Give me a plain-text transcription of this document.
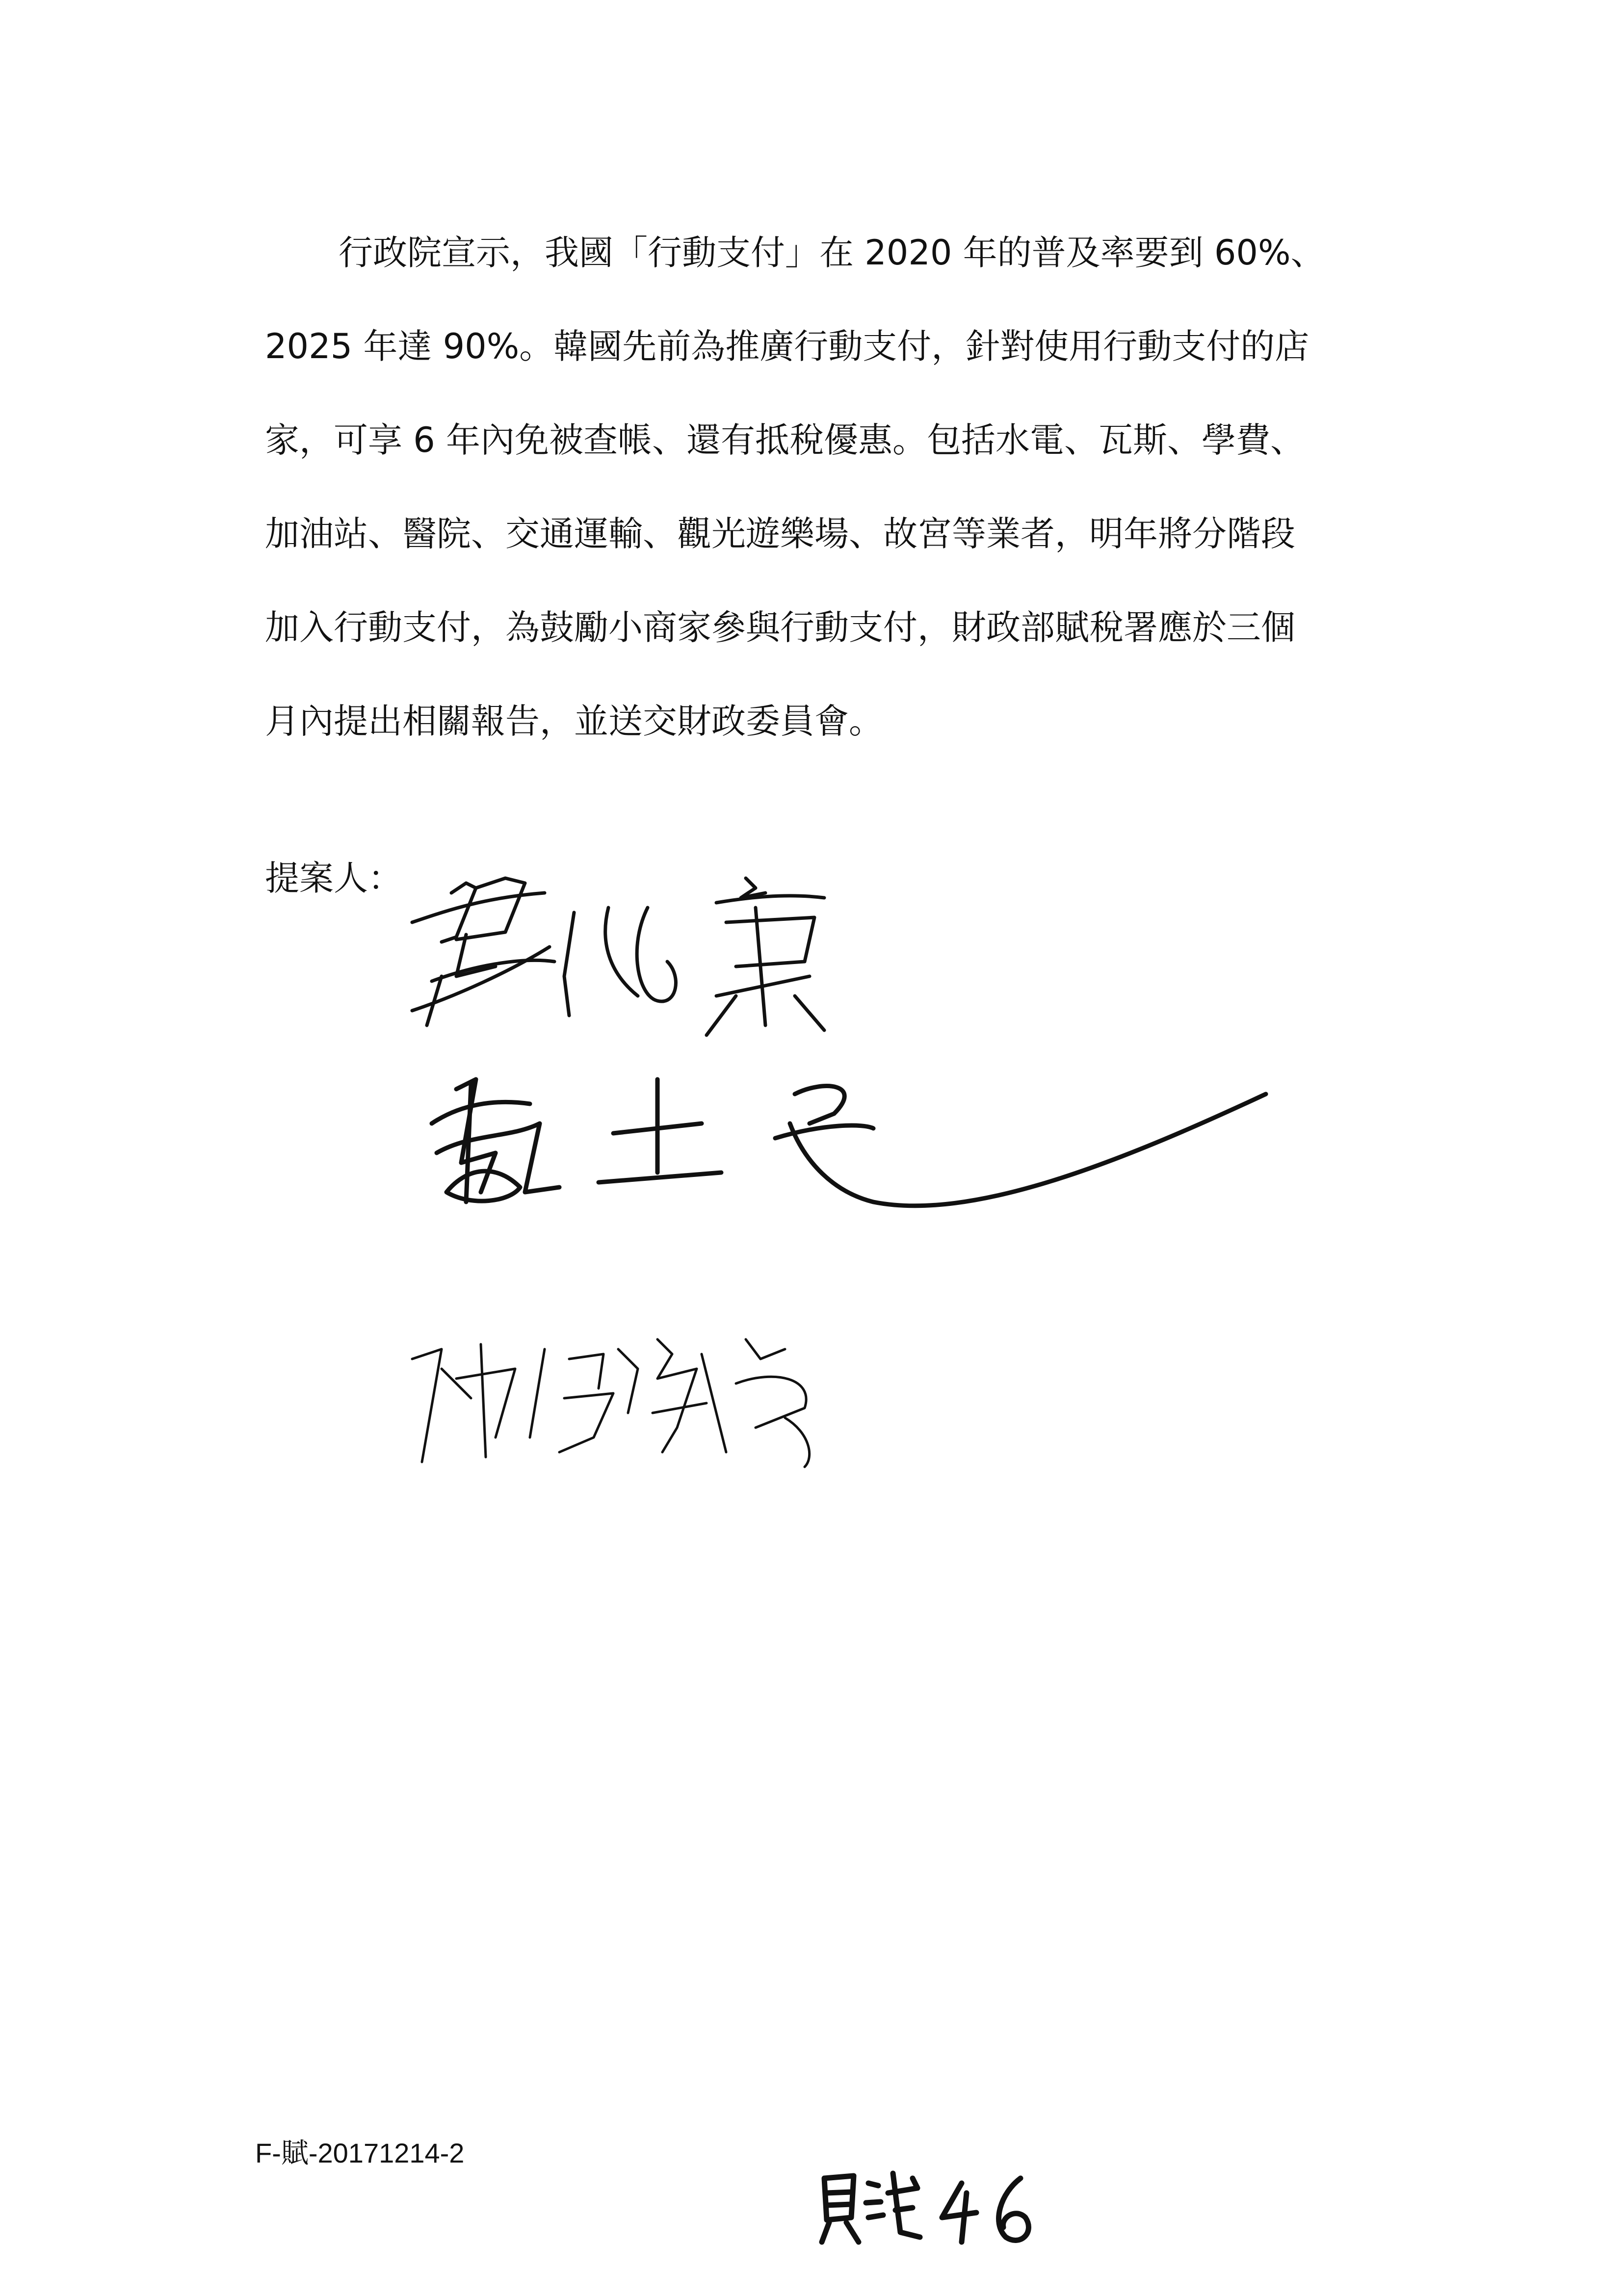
行政院宣示，我國「行動支付」在 2020 年的普及率要到 60%、
2025 年達 90%。韓國先前為推廣行動支付，針對使用行動支付的店
家，可享 6 年內免被查帳、還有抵稅優惠。包括水電、瓦斯、學費、
加油站、醫院、交通運輸、觀光遊樂場、故宮等業者，明年將分階段
加入行動支付，為鼓勵小商家參與行動支付，財政部賦稅署應於三個
月內提出相關報告，並送交財政委員會。
提案人：
F-賦-20171214-2
